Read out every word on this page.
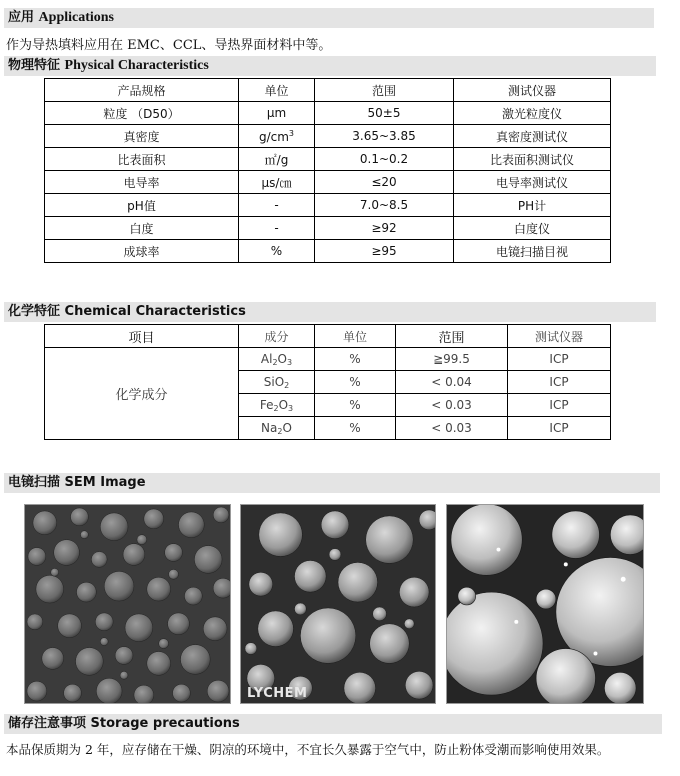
应用 Applications
作为导热填料应用在 EMC、CCL、导热界面材料中等。
物理特征 Physical Characteristics
产品规格	单位	范围	测试仪器
粒度 （D50）	μm	50±5	激光粒度仪
真密度	$g/cm^3$	3.65~3.85	真密度测试仪
比表面积	㎡/g	0.1~0.2	比表面积测试仪
电导率	μs/㎝	≤20	电导率测试仪
pH值	-	7.0~8.5	PH计
白度	-	≥92	白度仪
成球率	%	≥95	电镜扫描目视
化学特征 Chemical Characteristics
项目	成分	单位	范围	测试仪器
化学成分	$Al_2O_3$	%	≧99.5	ICP
	SiO$_2$	%	< 0.04	ICP
	$Fe_2O_3$	%	< 0.03	ICP
	$Na_2O$	%	< 0.03	ICP
电镜扫描 SEM Image
LYCHEM
储存注意事项 Storage precautions
本品保质期为 2 年，应存储在干燥、阴凉的环境中，不宜长久暴露于空气中，防止粉体受潮而影响使用效果。
